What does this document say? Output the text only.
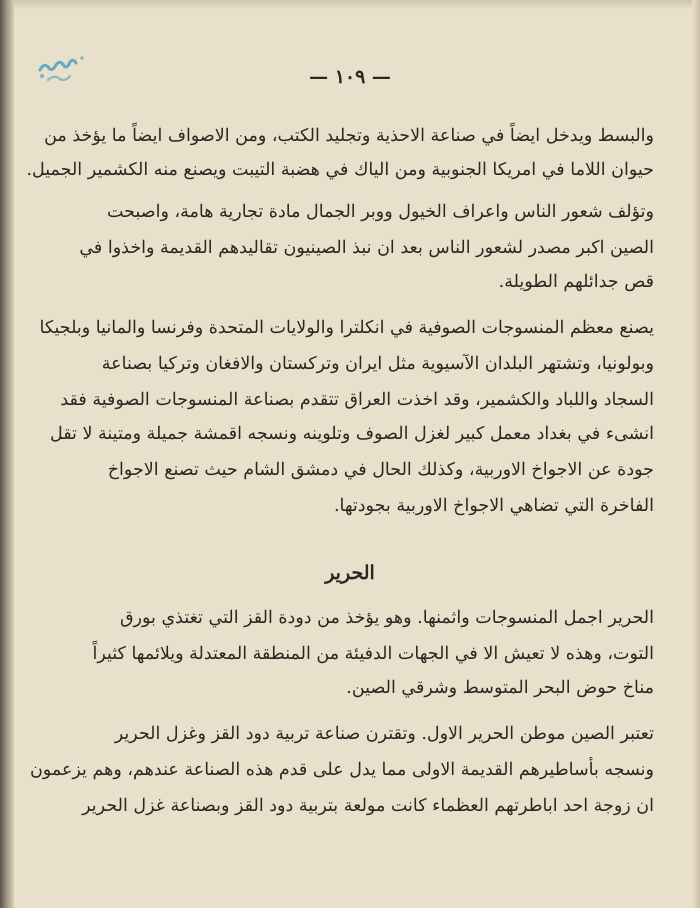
— ١٠٩ —
والبسط ويدخل ايضاً في صناعة الاحذية وتجليد الكتب، ومن الاصواف ايضاً ما يؤخذ من
حيوان اللاما في امريكا الجنوبية ومن الياك في هضبة التيبت ويصنع منه الكشمير الجميل.
وتؤلف شعور الناس واعراف الخيول ووبر الجمال مادة تجارية هامة، واصبحت
الصين اكبر مصدر لشعور الناس بعد ان نبذ الصينيون تقاليدهم القديمة واخذوا في
قص جدائلهم الطويلة.
يصنع معظم المنسوجات الصوفية في انكلترا والولايات المتحدة وفرنسا والمانيا وبلجيكا
وبولونيا، وتشتهر البلدان الآسيوية مثل ايران وتركستان والافغان وتركيا بصناعة
السجاد واللباد والكشمير، وقد اخذت العراق تتقدم بصناعة المنسوجات الصوفية فقد
انشىء في بغداد معمل كبير لغزل الصوف وتلوينه ونسجه اقمشة جميلة ومتينة لا تقل
جودة عن الاجواخ الاوربية، وكذلك الحال في دمشق الشام حيث تصنع الاجواخ
الفاخرة التي تضاهي الاجواخ الاوربية بجودتها.
الحرير
الحرير اجمل المنسوجات واثمنها. وهو يؤخذ من دودة القز التي تغتذي بورق
التوت، وهذه لا تعيش الا في الجهات الدفيئة من المنطقة المعتدلة ويلائمها كثيراً
مناخ حوض البحر المتوسط وشرقي الصين.
تعتبر الصين موطن الحرير الاول. وتقترن صناعة تربية دود القز وغزل الحرير
ونسجه بأساطيرهم القديمة الاولى مما يدل على قدم هذه الصناعة عندهم، وهم يزعمون
ان زوجة احد اباطرتهم العظماء كانت مولعة بتربية دود القز وبصناعة غزل الحرير
